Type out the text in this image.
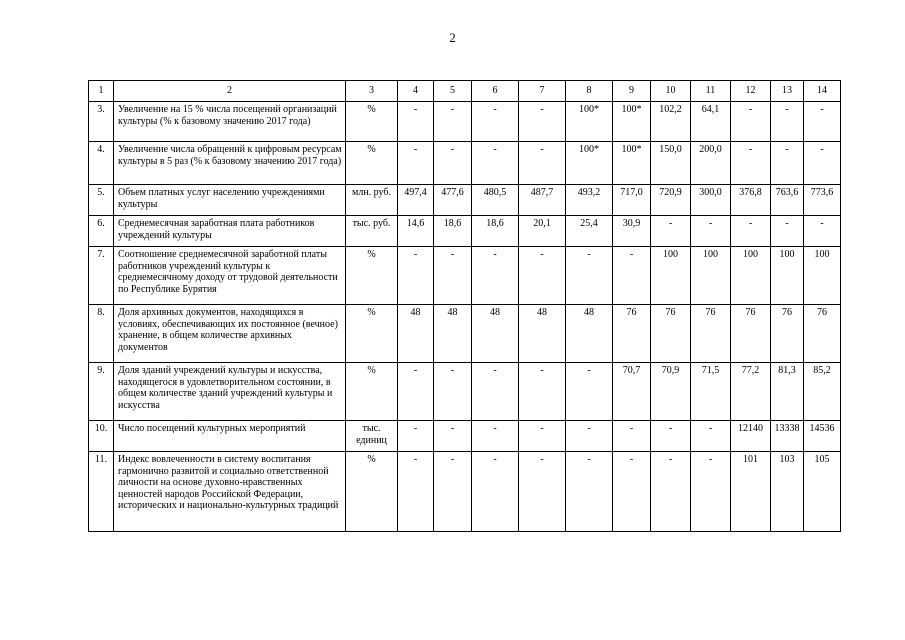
2
1	2	3	4	5	6	7	8	9	10	11	12	13	14
3.	Увеличение на 15 % числа посещений организаций культуры (% к базовому значению 2017 года)	%	-	-	-	-	100*	100*	102,2	64,1	-	-	-
4.	Увеличение числа обращений к цифровым ресурсам культуры в 5 раз (% к базовому значению 2017 года)	%	-	-	-	-	100*	100*	150,0	200,0	-	-	-
5.	Объем платных услуг населению учреждениями культуры	млн. руб.	497,4	477,6	480,5	487,7	493,2	717,0	720,9	300,0	376,8	763,6	773,6
6.	Среднемесячная заработная плата работников учреждений культуры	тыс. руб.	14,6	18,6	18,6	20,1	25,4	30,9	-	-	-	-	-
7.	Соотношение среднемесячной заработной платы работников учреждений культуры к среднемесячному доходу от трудовой деятельности по Республике Бурятия	%	-	-	-	-	-	-	100	100	100	100	100
8.	Доля архивных документов, находящихся в условиях, обеспечивающих их постоянное (вечное) хранение, в общем количестве архивных документов	%	48	48	48	48	48	76	76	76	76	76	76
9.	Доля зданий учреждений культуры и искусства, находящегося в удовлетворительном состоянии, в общем количестве зданий учреждений культуры и искусства	%	-	-	-	-	-	70,7	70,9	71,5	77,2	81,3	85,2
10.	Число посещений культурных мероприятий	тыс. единиц	-	-	-	-	-	-	-	-	12140	13338	14536
11.	Индекс вовлеченности в систему воспитания гармонично развитой и социально ответственной личности на основе духовно-нравственных ценностей народов Российской Федерации, исторических и национально-культурных традиций	%	-	-	-	-	-	-	-	-	101	103	105
